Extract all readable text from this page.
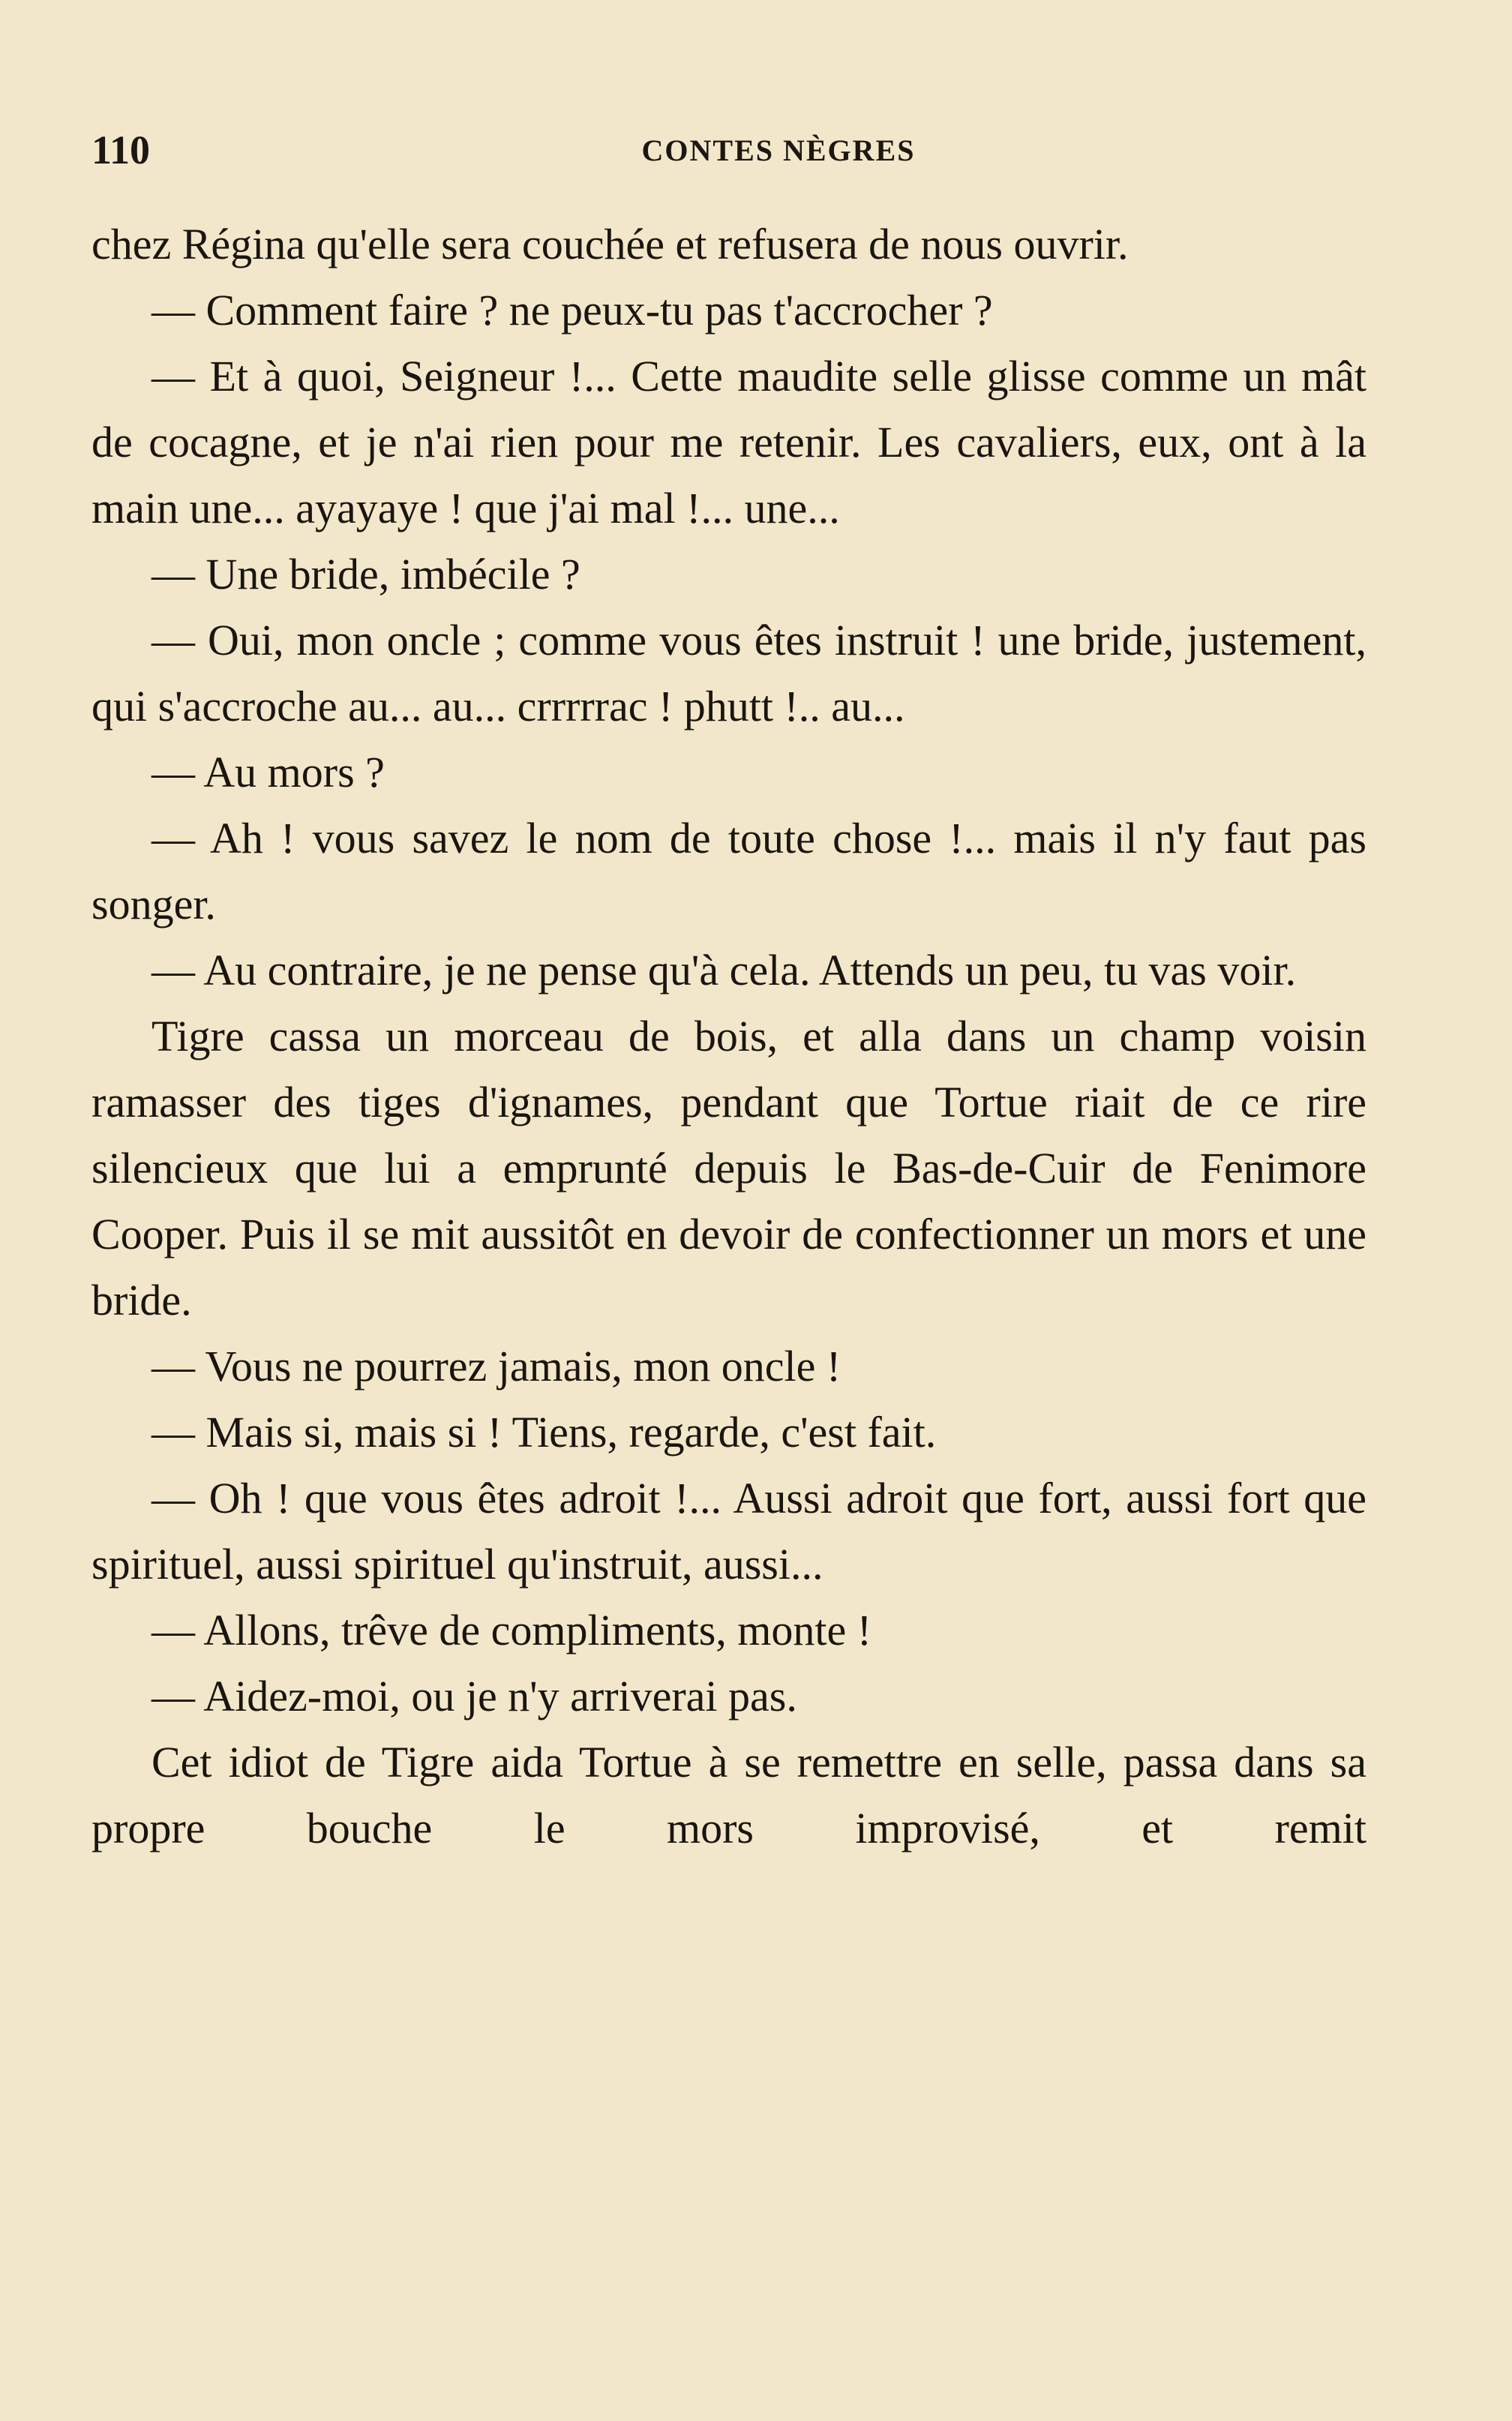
110	CONTES NÈGRES

chez Régina qu'elle sera couchée et refusera de nous ouvrir.

— Comment faire ? ne peux-tu pas t'accrocher ?

— Et à quoi, Seigneur !... Cette maudite selle glisse comme un mât de cocagne, et je n'ai rien pour me retenir. Les cavaliers, eux, ont à la main une... ayayaye ! que j'ai mal !... une...

— Une bride, imbécile ?

— Oui, mon oncle ; comme vous êtes instruit ! une bride, justement, qui s'accroche au... au... crrrrrac ! phutt !.. au...

— Au mors ?

— Ah ! vous savez le nom de toute chose !... mais il n'y faut pas songer.

— Au contraire, je ne pense qu'à cela. Attends un peu, tu vas voir.

Tigre cassa un morceau de bois, et alla dans un champ voisin ramasser des tiges d'ignames, pendant que Tortue riait de ce rire silencieux que lui a emprunté depuis le Bas-de-Cuir de Fenimore Cooper. Puis il se mit aussitôt en devoir de confectionner un mors et une bride.

— Vous ne pourrez jamais, mon oncle !

— Mais si, mais si ! Tiens, regarde, c'est fait.

— Oh ! que vous êtes adroit !... Aussi adroit que fort, aussi fort que spirituel, aussi spirituel qu'instruit, aussi...

— Allons, trêve de compliments, monte !

— Aidez-moi, ou je n'y arriverai pas.

Cet idiot de Tigre aida Tortue à se remettre en selle, passa dans sa propre bouche le mors improvisé, et remit
